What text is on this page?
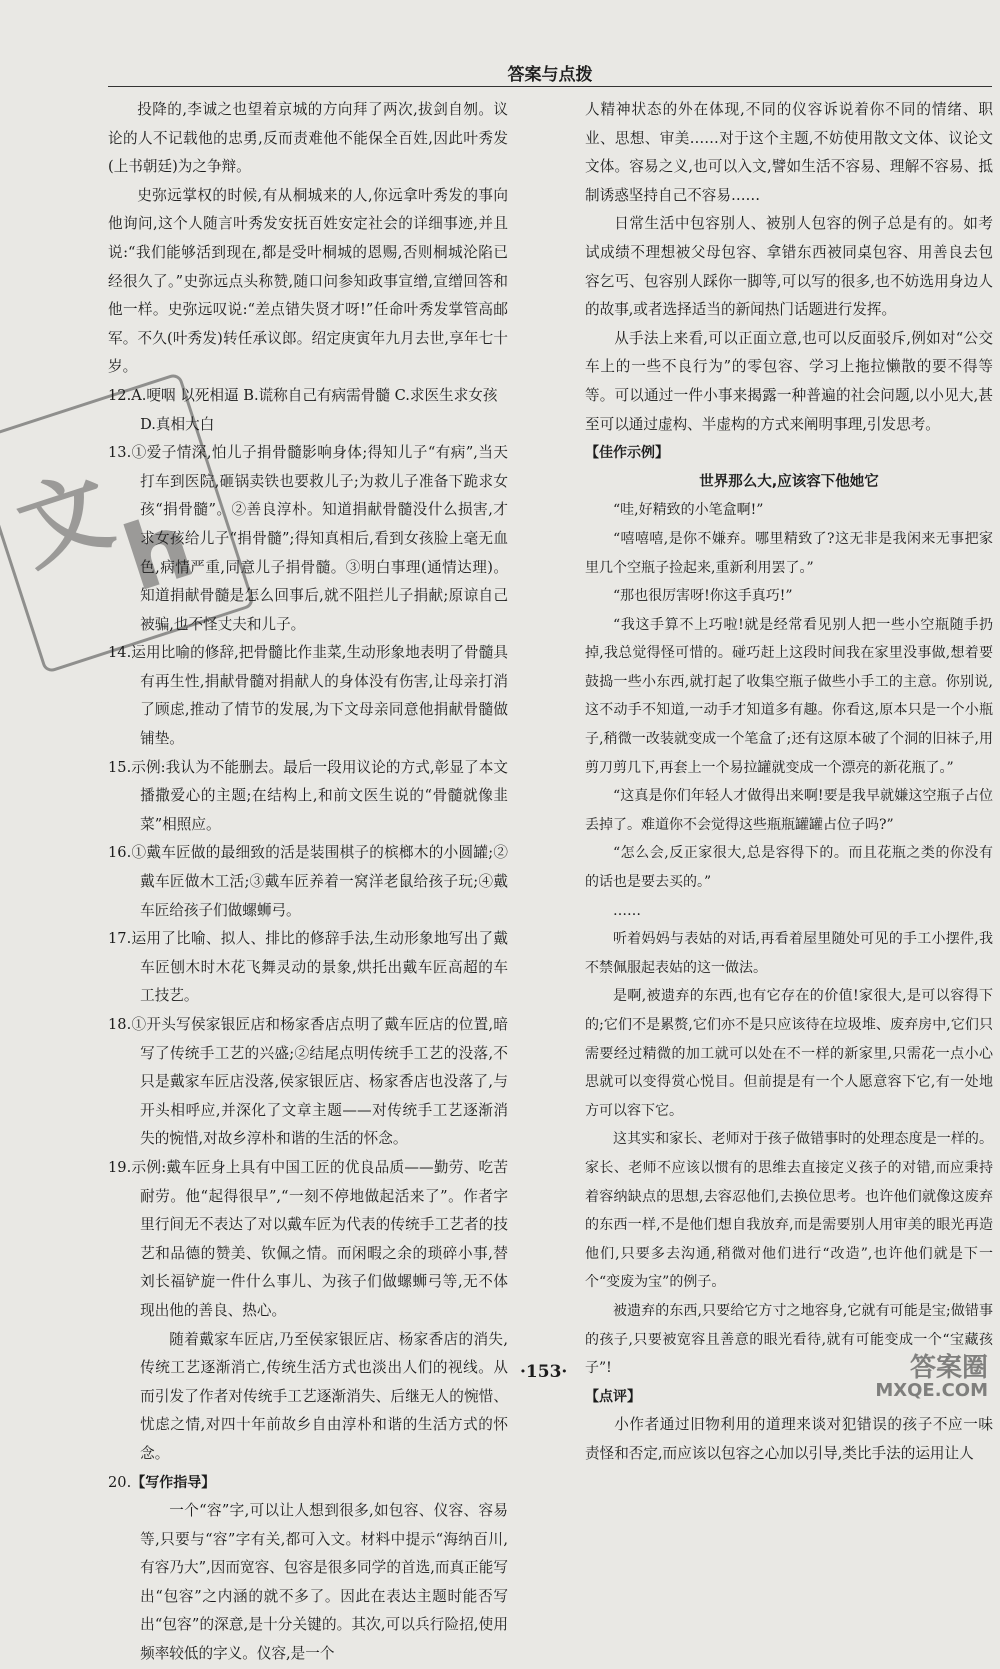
答案与点拨
文
h

投降的,李诚之也望着京城的方向拜了两次,拔剑自刎。议论的人不记载他的忠勇,反而责难他不能保全百姓,因此叶秀发(上书朝廷)为之争辩。

史弥远掌权的时候,有从桐城来的人,你远拿叶秀发的事向他询问,这个人随言叶秀发安抚百姓安定社会的详细事迹,并且说:“我们能够活到现在,都是受叶桐城的恩赐,否则桐城沦陷已经很久了。”史弥远点头称赞,随口问参知政事宣缯,宣缯回答和他一样。史弥远叹说:“差点错失贤才呀!”任命叶秀发掌管高邮军。不久(叶秀发)转任承议郎。绍定庚寅年九月去世,享年七十岁。

12.A.哽咽 以死相逼 B.谎称自己有病需骨髓 C.求医生求女孩

D.真相大白

13.①爱子情深,怕儿子捐骨髓影响身体;得知儿子“有病”,当天打车到医院,砸锅卖铁也要救儿子;为救儿子准备下跪求女孩“捐骨髓”。②善良淳朴。知道捐献骨髓没什么损害,才求女孩给儿子“捐骨髓”;得知真相后,看到女孩脸上毫无血色,病情严重,同意儿子捐骨髓。③明白事理(通情达理)。知道捐献骨髓是怎么回事后,就不阻拦儿子捐献;原谅自己被骗,也不怪丈夫和儿子。

14.运用比喻的修辞,把骨髓比作韭菜,生动形象地表明了骨髓具有再生性,捐献骨髓对捐献人的身体没有伤害,让母亲打消了顾虑,推动了情节的发展,为下文母亲同意他捐献骨髓做铺垫。

15.示例:我认为不能删去。最后一段用议论的方式,彰显了本文播撒爱心的主题;在结构上,和前文医生说的“骨髓就像韭菜”相照应。

16.①戴车匠做的最细致的活是装围棋子的槟榔木的小圆罐;②戴车匠做木工活;③戴车匠养着一窝洋老鼠给孩子玩;④戴车匠给孩子们做螺蛳弓。

17.运用了比喻、拟人、排比的修辞手法,生动形象地写出了戴车匠刨木时木花飞舞灵动的景象,烘托出戴车匠高超的车工技艺。

18.①开头写侯家银匠店和杨家香店点明了戴车匠店的位置,暗写了传统手工艺的兴盛;②结尾点明传统手工艺的没落,不只是戴家车匠店没落,侯家银匠店、杨家香店也没落了,与开头相呼应,并深化了文章主题——对传统手工艺逐渐消失的惋惜,对故乡淳朴和谐的生活的怀念。

19.示例:戴车匠身上具有中国工匠的优良品质——勤劳、吃苦耐劳。他“起得很早”,“一刻不停地做起活来了”。作者字里行间无不表达了对以戴车匠为代表的传统手工艺者的技艺和品德的赞美、钦佩之情。而闲暇之余的琐碎小事,替刘长福铲旋一件什么事儿、为孩子们做螺蛳弓等,无不体现出他的善良、热心。

随着戴家车匠店,乃至侯家银匠店、杨家香店的消失,传统工艺逐渐消亡,传统生活方式也淡出人们的视线。从而引发了作者对传统手工艺逐渐消失、后继无人的惋惜、忧虑之情,对四十年前故乡自由淳朴和谐的生活方式的怀念。

20.【写作指导】

一个“容”字,可以让人想到很多,如包容、仪容、容易等,只要与“容”字有关,都可入文。材料中提示“海纳百川,有容乃大”,因而宽容、包容是很多同学的首选,而真正能写出“包容”之内涵的就不多了。因此在表达主题时能否写出“包容”的深意,是十分关键的。其次,可以兵行险招,使用频率较低的字义。仪容,是一个

人精神状态的外在体现,不同的仪容诉说着你不同的情绪、职业、思想、审美……对于这个主题,不妨使用散文文体、议论文文体。容易之义,也可以入文,譬如生活不容易、理解不容易、抵制诱惑坚持自己不容易……

日常生活中包容别人、被别人包容的例子总是有的。如考试成绩不理想被父母包容、拿错东西被同桌包容、用善良去包容乞丐、包容别人踩你一脚等,可以写的很多,也不妨选用身边人的故事,或者选择适当的新闻热门话题进行发挥。

从手法上来看,可以正面立意,也可以反面驳斥,例如对“公交车上的一些不良行为”的零包容、学习上拖拉懒散的要不得等等。可以通过一件小事来揭露一种普遍的社会问题,以小见大,甚至可以通过虚构、半虚构的方式来阐明事理,引发思考。

【佳作示例】

世界那么大,应该容下他她它

“哇,好精致的小笔盒啊!”

“嘻嘻嘻,是你不嫌弃。哪里精致了?这无非是我闲来无事把家里几个空瓶子捡起来,重新利用罢了。”

“那也很厉害呀!你这手真巧!”

“我这手算不上巧啦!就是经常看见别人把一些小空瓶随手扔掉,我总觉得怪可惜的。碰巧赶上这段时间我在家里没事做,想着要鼓捣一些小东西,就打起了收集空瓶子做些小手工的主意。你别说,这不动手不知道,一动手才知道多有趣。你看这,原本只是一个小瓶子,稍微一改装就变成一个笔盒了;还有这原本破了个洞的旧袜子,用剪刀剪几下,再套上一个易拉罐就变成一个漂亮的新花瓶了。”

“这真是你们年轻人才做得出来啊!要是我早就嫌这空瓶子占位丢掉了。难道你不会觉得这些瓶瓶罐罐占位子吗?”

“怎么会,反正家很大,总是容得下的。而且花瓶之类的你没有的话也是要去买的。”

……

听着妈妈与表姑的对话,再看着屋里随处可见的手工小摆件,我不禁佩服起表姑的这一做法。

是啊,被遗弃的东西,也有它存在的价值!家很大,是可以容得下的;它们不是累赘,它们亦不是只应该待在垃圾堆、废弃房中,它们只需要经过精微的加工就可以处在不一样的新家里,只需花一点小心思就可以变得赏心悦目。但前提是有一个人愿意容下它,有一处地方可以容下它。

这其实和家长、老师对于孩子做错事时的处理态度是一样的。家长、老师不应该以惯有的思维去直接定义孩子的对错,而应秉持着容纳缺点的思想,去容忍他们,去换位思考。也许他们就像这废弃的东西一样,不是他们想自我放弃,而是需要别人用审美的眼光再造他们,只要多去沟通,稍微对他们进行“改造”,也许他们就是下一个“变废为宝”的例子。

被遗弃的东西,只要给它方寸之地容身,它就有可能是宝;做错事的孩子,只要被宽容且善意的眼光看待,就有可能变成一个“宝藏孩子”!

【点评】

小作者通过旧物利用的道理来谈对犯错误的孩子不应一味责怪和否定,而应该以包容之心加以引导,类比手法的运用让人

·153·	答案圈
MXQE.COM
